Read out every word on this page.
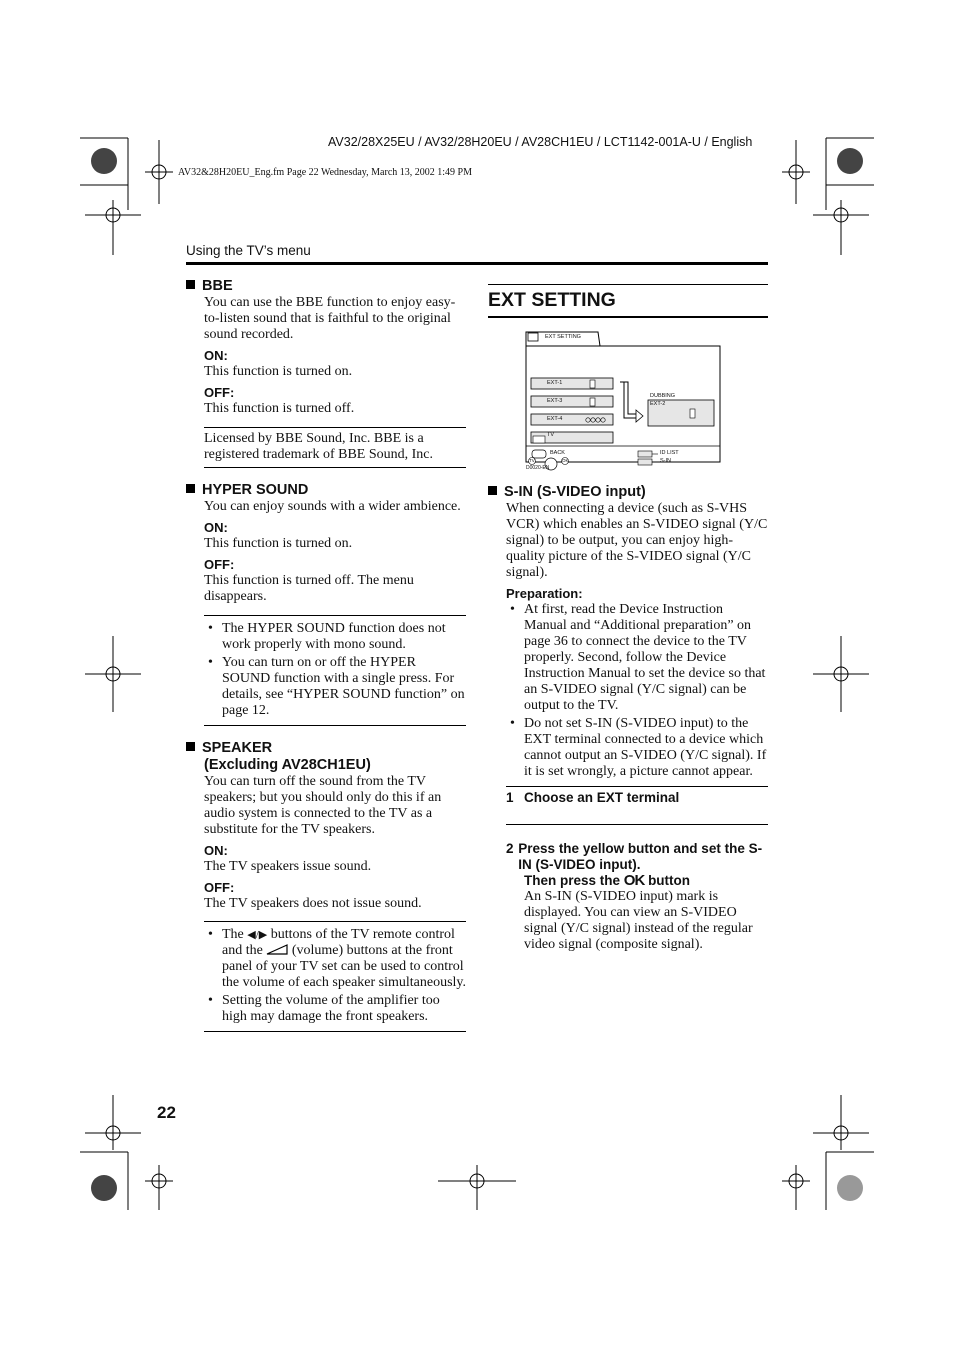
AV32/28X25EU / AV32/28H20EU / AV28CH1EU / LCT1142-001A-U / English
AV32&28H20EU_Eng.fm Page 22 Wednesday, March 13, 2002 1:49 PM
Using the TV’s menu

BBE

You can use the BBE function to enjoy easy-to-listen sound that is faithful to the original sound recorded.

ON:

This function is turned on.

OFF:

This function is turned off.

Licensed by BBE Sound, Inc. BBE is a registered trademark of BBE Sound, Inc.

HYPER SOUND

You can enjoy sounds with a wider ambience.

ON:

This function is turned on.

OFF:

This function is turned off. The menu disappears.

• The HYPER SOUND function does not work properly with mono sound.
• You can turn on or off the HYPER SOUND function with a single press. For details, see “HYPER SOUND function” on page 12.

SPEAKER

(Excluding AV28CH1EU)

You can turn off the sound from the TV speakers; but you should only do this if an audio system is connected to the TV as a substitute for the TV speakers.

ON:

The TV speakers issue sound.

OFF:

The TV speakers does not issue sound.

• The ◀/▶ buttons of the TV remote control and the (volume) buttons at the front panel of your TV set can be used to control the volume of each speaker simultaneously.
• Setting the volume of the amplifier too high may damage the front speakers.

EXT SETTING

EXT SETTING
EXT-1
EXT-3
EXT-4
TV
DUBBING
EXT-2
BACK
TV	OK
ID LIST
S-IN
D0020-EN

S-IN (S-VIDEO input)

When connecting a device (such as S-VHS VCR) which enables an S-VIDEO signal (Y/C signal) to be output, you can enjoy high-quality picture of the S-VIDEO signal (Y/C signal).

Preparation:

• At first, read the Device Instruction Manual and “Additional preparation” on page 36 to connect the device to the TV properly. Second, follow the Device Instruction Manual to set the device so that an S-VIDEO signal (Y/C signal) can be output to the TV.
• Do not set S-IN (S-VIDEO input) to the EXT terminal connected to a device which cannot output an S-VIDEO (Y/C signal). If it is set wrongly, a picture cannot appear.

1 Choose an EXT terminal

2 Press the yellow button and set the S-IN (S-VIDEO input).

Then press the OK button

An S-IN (S-VIDEO input) mark is displayed. You can view an S-VIDEO signal (Y/C signal) instead of the regular video signal (composite signal).

22
